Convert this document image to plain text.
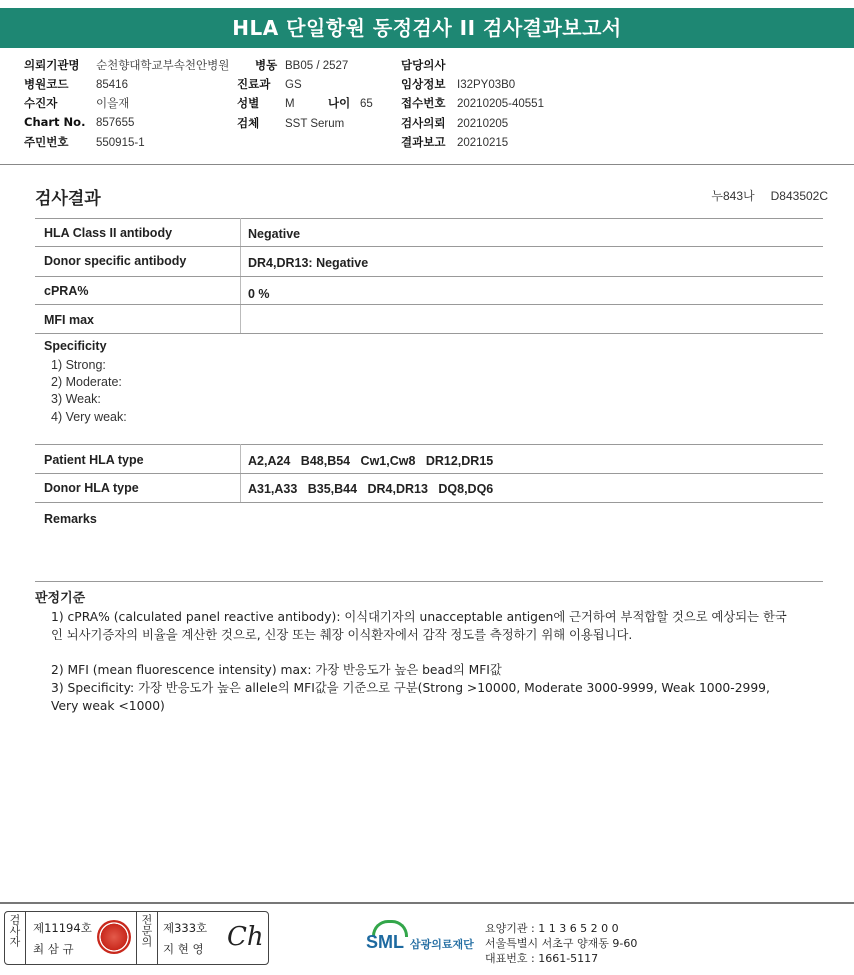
HLA 단일항원 동정검사 II 검사결과보고서
의뢰기관명 순천향대학교부속천안병원
병원코드 85416
수진자	이을재
Chart No. 857655
주민번호 550915-1
병동 BB05 / 2527
진료과 GS
성별 M	나이 65
검체 SST Serum
담당의사
임상정보 I32PY03B0
접수번호 20210205-40551
검사의뢰 20210205
결과보고 20210215
검사결과	누843나 D843502C
HLA Class II antibody	Negative
Donor specific antibody	DR4,DR13: Negative
cPRA%	0 %
MFI max
Specificity
1) Strong:
2) Moderate:
3) Weak:
4) Very weak:
Patient HLA type	A2,A24   B48,B54   Cw1,Cw8   DR12,DR15
Donor HLA type	A31,A33   B35,B44   DR4,DR13   DQ8,DQ6
Remarks
판정기준
1) cPRA% (calculated panel reactive antibody): 이식대기자의 unacceptable antigen에 근거하여 부적합할 것으로 예상되는 한국인 뇌사기증자의 비율을 계산한 것으로, 신장 또는 췌장 이식환자에서 감작 정도를 측정하기 위해 이용됩니다.
2) MFI (mean fluorescence intensity) max: 가장 반응도가 높은 bead의 MFI값
3) Specificity: 가장 반응도가 높은 allele의 MFI값을 기준으로 구분(Strong >10000, Moderate 3000-9999, Weak 1000-2999, Very weak <1000)
검사자 제11194호
최 삼 규
전문의 제333호
지 현 영 Ch	SML 삼광의료재단
요양기관 : 1 1 3 6 5 2 0 0
서울특별시 서초구 양재동 9-60
대표번호 : 1661-5117
